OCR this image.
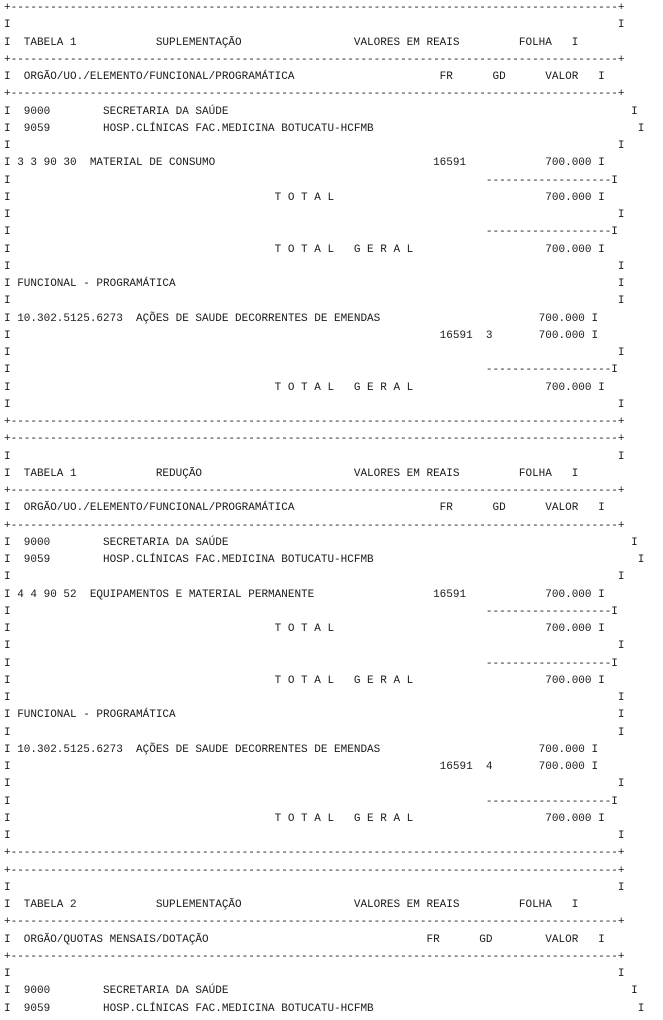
+--------------------------------------------------------------------------------------------+
I                                                                                            I
I  TABELA 1            SUPLEMENTAÇÃO                 VALORES EM REAIS         FOLHA   I
+--------------------------------------------------------------------------------------------+
I  ORGÃO/UO./ELEMENTO/FUNCIONAL/PROGRAMÁTICA                      FR      GD      VALOR   I
+--------------------------------------------------------------------------------------------+
I  9000        SECRETARIA DA SAÚDE                                                             I
I  9059        HOSP.CLÍNICAS FAC.MEDICINA BOTUCATU-HCFMB                                        I
I                                                                                            I
I 3 3 90 30  MATERIAL DE CONSUMO                                 16591            700.000 I
I                                                                        -------------------I
I                                        T O T A L                                700.000 I
I                                                                                            I
I                                                                        -------------------I
I                                        T O T A L   G E R A L                    700.000 I
I                                                                                            I
I FUNCIONAL - PROGRAMÁTICA                                                                   I
I                                                                                            I
I 10.302.5125.6273  AÇÕES DE SAUDE DECORRENTES DE EMENDAS                        700.000 I
I                                                                 16591  3       700.000 I
I                                                                                            I
I                                                                        -------------------I
I                                        T O T A L   G E R A L                    700.000 I
I                                                                                            I
+--------------------------------------------------------------------------------------------+
+--------------------------------------------------------------------------------------------+
I                                                                                            I
I  TABELA 1            REDUÇÃO                       VALORES EM REAIS         FOLHA   I
+--------------------------------------------------------------------------------------------+
I  ORGÃO/UO./ELEMENTO/FUNCIONAL/PROGRAMÁTICA                      FR      GD      VALOR   I
+--------------------------------------------------------------------------------------------+
I  9000        SECRETARIA DA SAÚDE                                                             I
I  9059        HOSP.CLÍNICAS FAC.MEDICINA BOTUCATU-HCFMB                                        I
I                                                                                            I
I 4 4 90 52  EQUIPAMENTOS E MATERIAL PERMANENTE                  16591            700.000 I
I                                                                        -------------------I
I                                        T O T A L                                700.000 I
I                                                                                            I
I                                                                        -------------------I
I                                        T O T A L   G E R A L                    700.000 I
I                                                                                            I
I FUNCIONAL - PROGRAMÁTICA                                                                   I
I                                                                                            I
I 10.302.5125.6273  AÇÕES DE SAUDE DECORRENTES DE EMENDAS                        700.000 I
I                                                                 16591  4       700.000 I
I                                                                                            I
I                                                                        -------------------I
I                                        T O T A L   G E R A L                    700.000 I
I                                                                                            I
+--------------------------------------------------------------------------------------------+
+--------------------------------------------------------------------------------------------+
I                                                                                            I
I  TABELA 2            SUPLEMENTAÇÃO                 VALORES EM REAIS         FOLHA   I
+--------------------------------------------------------------------------------------------+
I  ORGÃO/QUOTAS MENSAIS/DOTAÇÃO                                 FR      GD        VALOR   I
+--------------------------------------------------------------------------------------------+
I                                                                                            I
I  9000        SECRETARIA DA SAÚDE                                                             I
I  9059        HOSP.CLÍNICAS FAC.MEDICINA BOTUCATU-HCFMB                                        I
